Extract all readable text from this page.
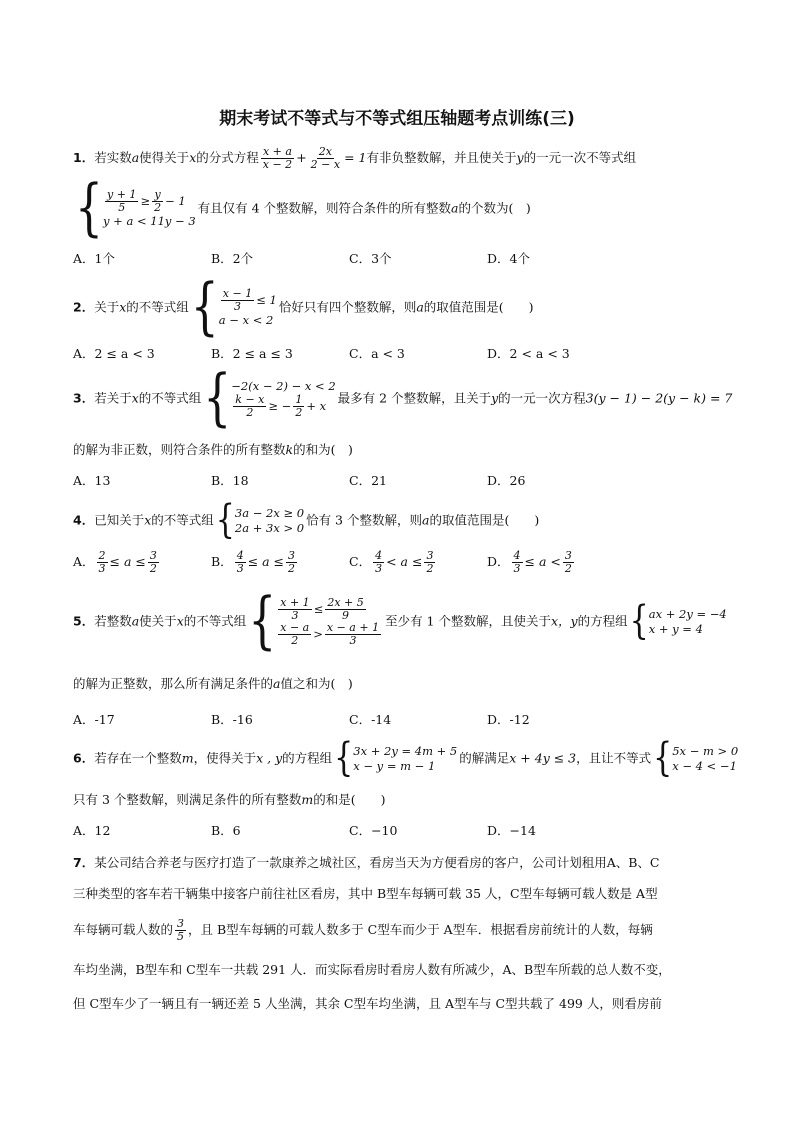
期末考试不等式与不等式组压轴题考点训练(三)
1．若实数a使得关于x的分式方程 $\frac{x + a}{x - 2} + \frac{2x}{2 - x} = 1$有非负整数解，并且使关于y的一元一次不等式组
{ $\frac{y + 1}{5} \ge \frac{y}{2} - 1$
y + a < 11y − 3
有且仅有 4 个整数解，则符合条件的所有整数a的个数为(　)
A．1个	B．2个	C．3个	D．4个
2．关于x的不等式组 { $\frac{x - 1}{3} \le 1$
a − x < 2
恰好只有四个整数解，则a的取值范围是(　　)
A．2 ≤ a < 3	B．2 ≤ a ≤ 3	C．a < 3	D．2 < a < 3
3．若关于x的不等式组 { −2(x − 2) − x < 2
$\frac{k - x}{2}$ ≥ − $\frac{1}{2} + x$
最多有 2 个整数解，且关于y的一元一次方程3(y − 1) − 2(y − k) = 7
的解为非正数，则符合条件的所有整数k的和为(　)
A．13	B．18	C．21	D．26
4．已知关于x的不等式组 { 3a − 2x ≥ 0
2a + 3x > 0
恰有 3 个整数解，则a的取值范围是(　　)
A． $\frac{2}{3} \le a \le \frac{3}{2}$	B． $\frac{4}{3} \le a \le \frac{3}{2}$	C． $\frac{4}{3} < a \le \frac{3}{2}$	D． $\frac{4}{3} \le a < \frac{3}{2}$
5．若整数a使关于x的不等式组 { $\frac{x + 1}{3} \le \frac{2x + 5}{9}$
$\frac{x - a}{2} > \frac{x - a + 1}{3}$
至少有 1 个整数解，且使关于x，y的方程组 { ax + 2y = −4
x + y = 4
的解为正整数，那么所有满足条件的a值之和为(　)
A．-17	B．-16	C．-14	D．-12
6．若存在一个整数m，使得关于x , y的方程组 { 3x + 2y = 4m + 5
x − y = m − 1
的解满足x + 4y ≤ 3，且让不等式 { 5x − m > 0
x − 4 < −1
只有 3 个整数解，则满足条件的所有整数m的和是(　　)
A．12	B．6	C．−10	D．−14
7．某公司结合养老与医疗打造了一款康养之城社区，看房当天为方便看房的客户，公司计划租用A、B、C
三种类型的客车若干辆集中接客户前往社区看房，其中 B型车每辆可载 35 人，C型车每辆可载人数是 A型
车每辆可载人数的 $\frac{3}{5}$ ，且 B型车每辆的可载人数多于 C型车而少于 A型车．根据看房前统计的人数，每辆
车均坐满，B型车和 C型车一共载 291 人．而实际看房时看房人数有所减少，A、B型车所载的总人数不变，
但 C型车少了一辆且有一辆还差 5 人坐满，其余 C型车均坐满，且 A型车与 C型共载了 499 人，则看房前
